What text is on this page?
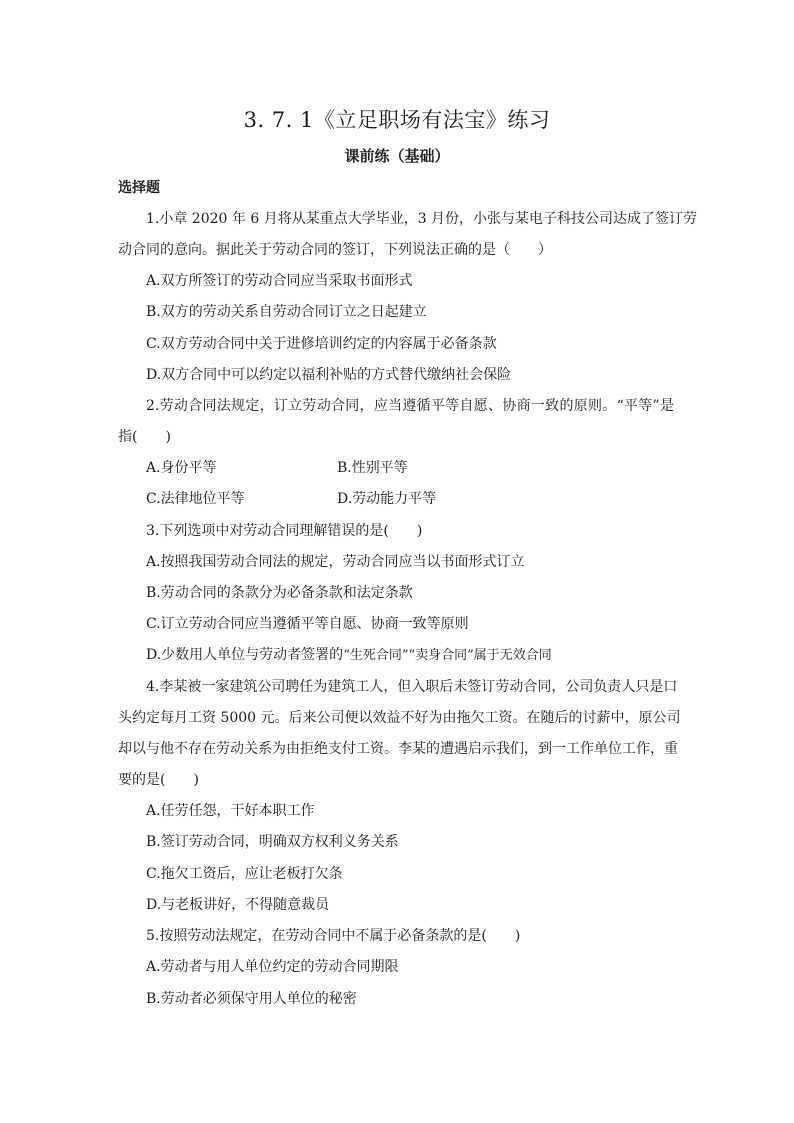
3. 7. 1《立足职场有法宝》练习
课前练（基础）
选择题
1.小章 2020 年 6 月将从某重点大学毕业，3 月份，小张与某电子科技公司达成了签订劳
动合同的意向。据此关于劳动合同的签订，下列说法正确的是（　　）
A.双方所签订的劳动合同应当采取书面形式
B.双方的劳动关系自劳动合同订立之日起建立
C.双方劳动合同中关于进修培训约定的内容属于必备条款
D.双方合同中可以约定以福利补贴的方式替代缴纳社会保险
2.劳动合同法规定，订立劳动合同，应当遵循平等自愿、协商一致的原则。“平等”是
指(　　)
A.身份平等	B.性别平等
C.法律地位平等	D.劳动能力平等
3.下列选项中对劳动合同理解错误的是(　　)
A.按照我国劳动合同法的规定，劳动合同应当以书面形式订立
B.劳动合同的条款分为必备条款和法定条款
C.订立劳动合同应当遵循平等自愿、协商一致等原则
D.少数用人单位与劳动者签署的“生死合同”“卖身合同”属于无效合同
4.李某被一家建筑公司聘任为建筑工人，但入职后未签订劳动合同，公司负责人只是口
头约定每月工资 5000 元。后来公司便以效益不好为由拖欠工资。在随后的讨薪中，原公司
却以与他不存在劳动关系为由拒绝支付工资。李某的遭遇启示我们，到一工作单位工作，重
要的是(　　)
A.任劳任怨，干好本职工作
B.签订劳动合同，明确双方权利义务关系
C.拖欠工资后，应让老板打欠条
D.与老板讲好，不得随意裁员
5.按照劳动法规定，在劳动合同中不属于必备条款的是(　　)
A.劳动者与用人单位约定的劳动合同期限
B.劳动者必须保守用人单位的秘密
